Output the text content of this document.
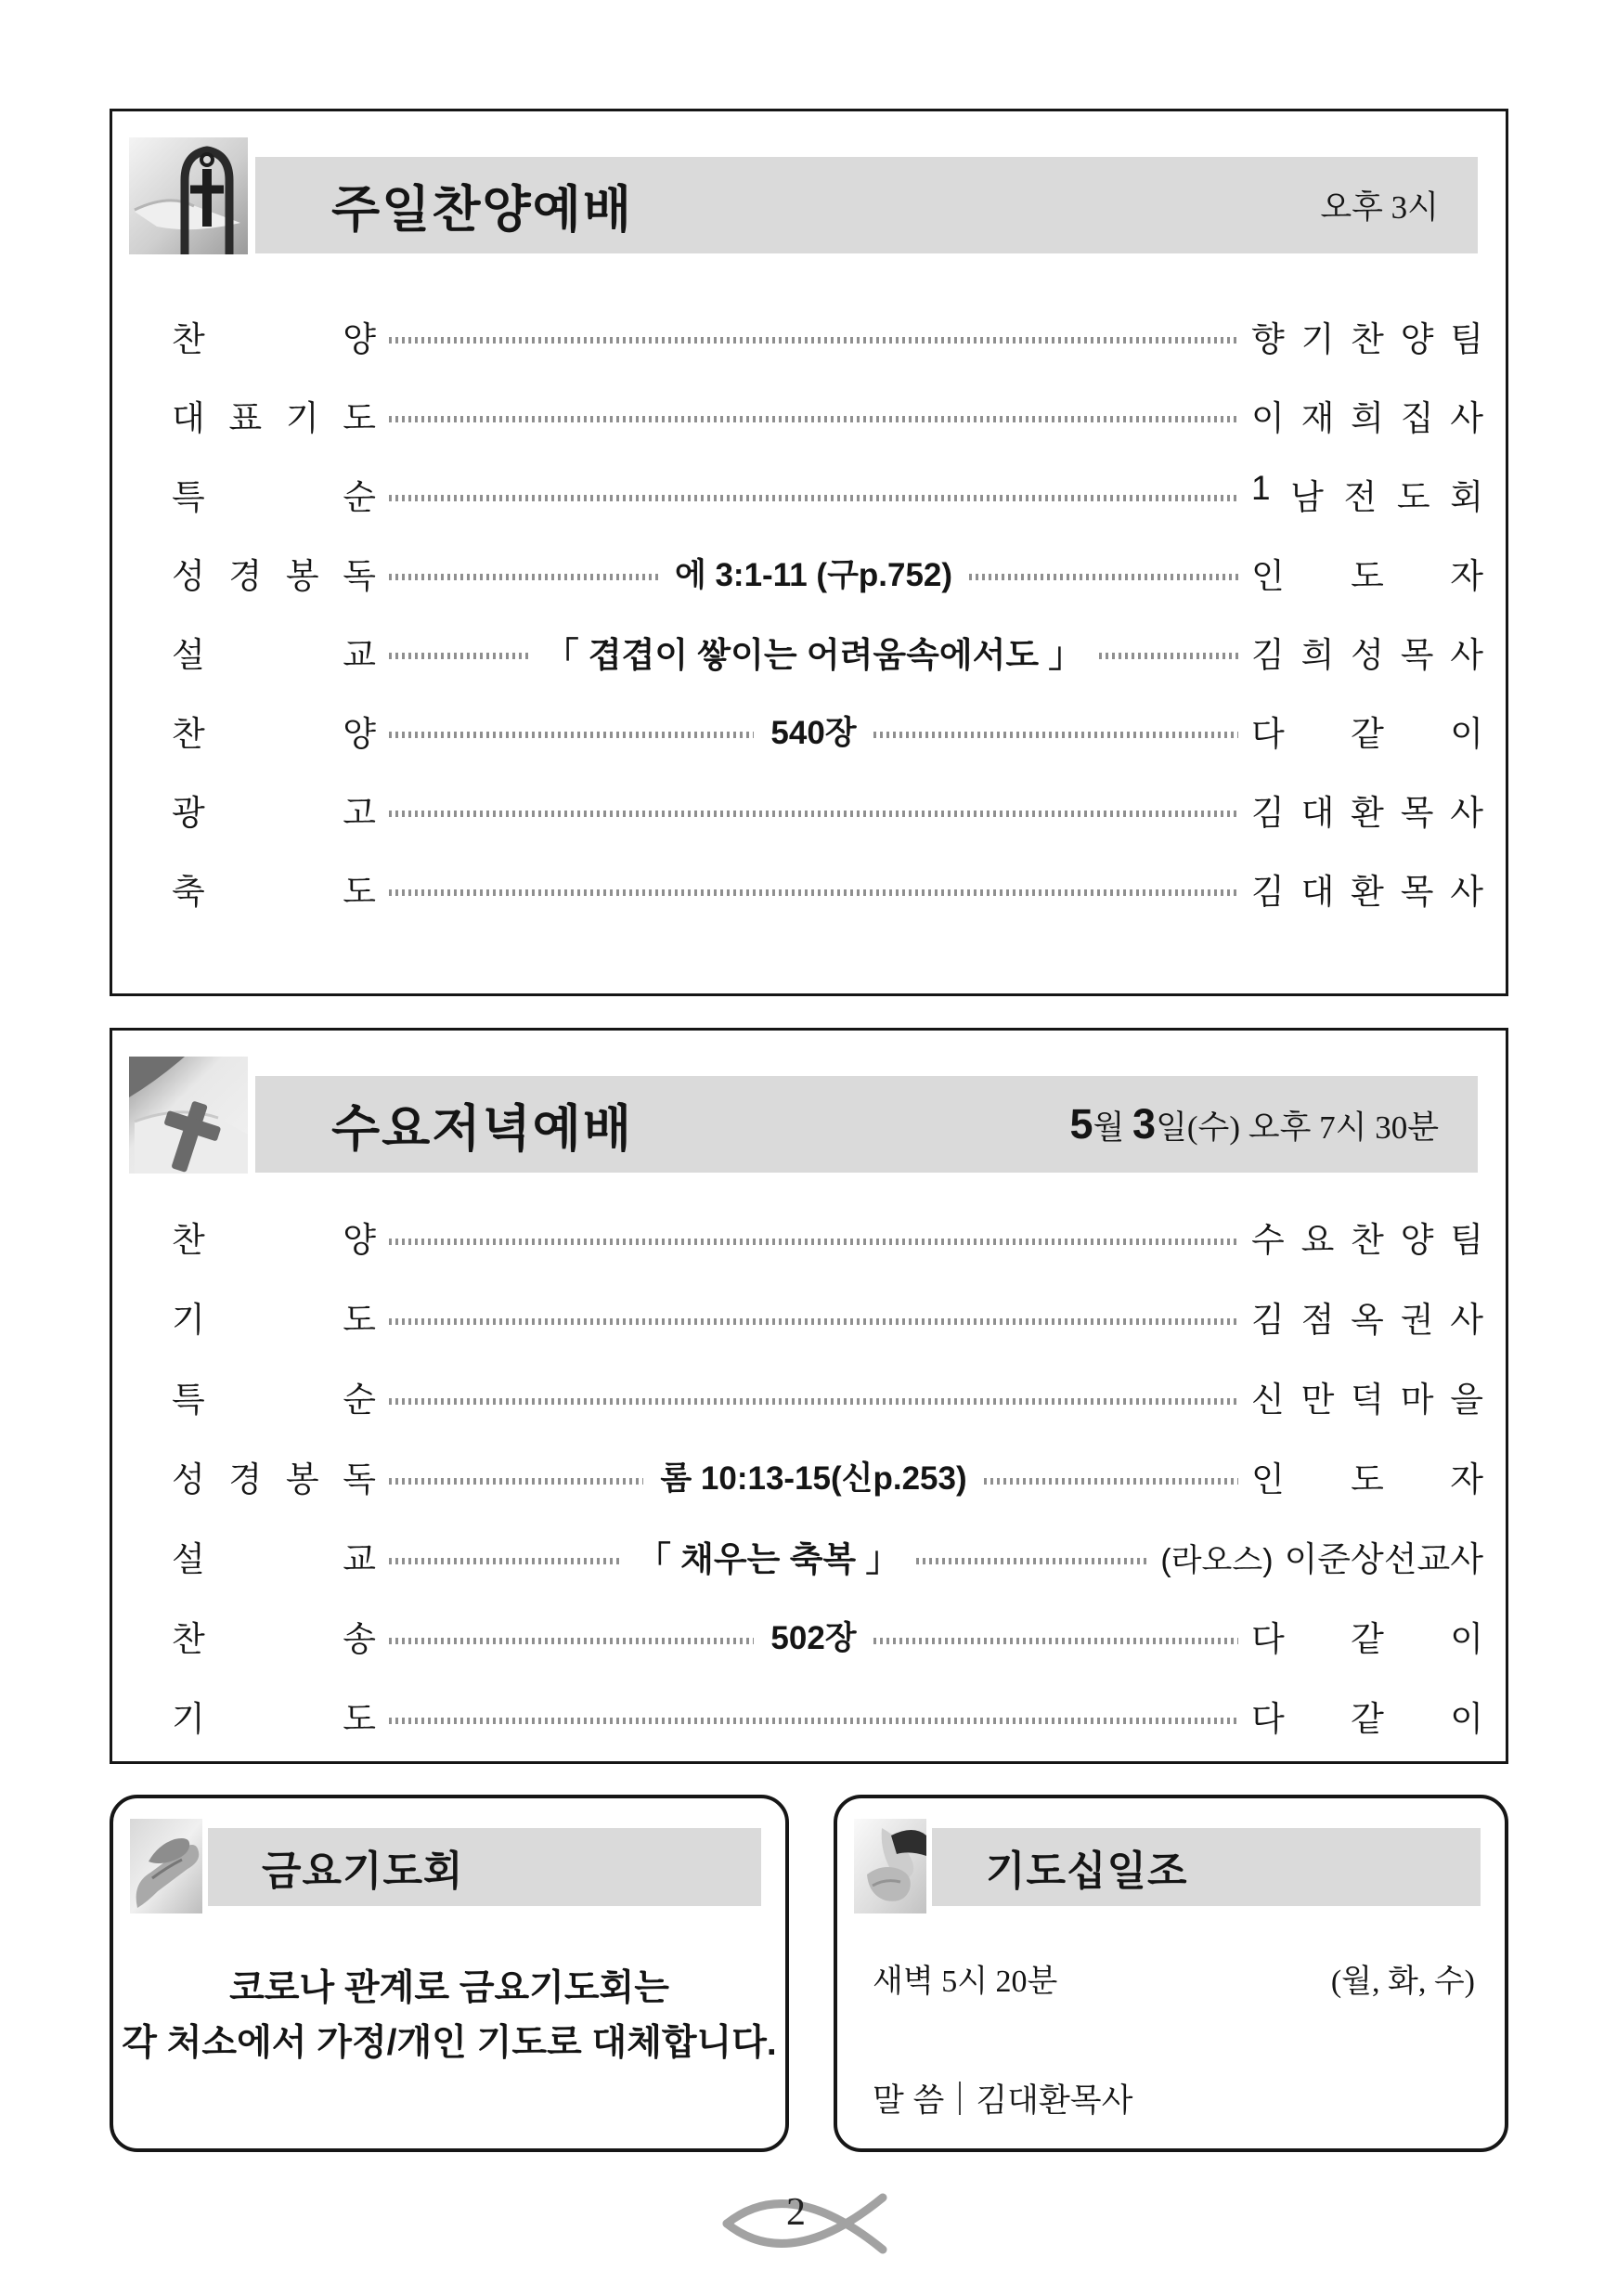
주일찬양예배	오후 3시
찬	양	향 기 찬 양 팀
대 표 기 도	이 재 희 집 사
특	순	1 남 전 도 회
성 경 봉 독	에 3:1-11 (구p.752)	인 도 자
설	교	「 겹겹이 쌓이는 어려움속에서도 」	김 희 성 목 사
찬	양	540장	다 같 이
광	고	김 대 환 목 사
축	도	김 대 환 목 사
수요저녁예배	5월 3일(수) 오후 7시 30분
찬	양	수 요 찬 양 팀
기	도	김 점 옥 권 사
특	순	신 만 덕 마 을
성 경 봉 독	롬 10:13-15(신p.253)	인 도 자
설	교	「 채우는 축복 」	(라오스) 이준상선교사
찬	송	502장	다 같 이
기	도	다 같 이
금요기도회
코로나 관계로 금요기도회는
각 처소에서 가정/개인 기도로 대체합니다.
기도십일조
새벽 5시 20분	(월, 화, 수)
말 씀 김대환목사
2
